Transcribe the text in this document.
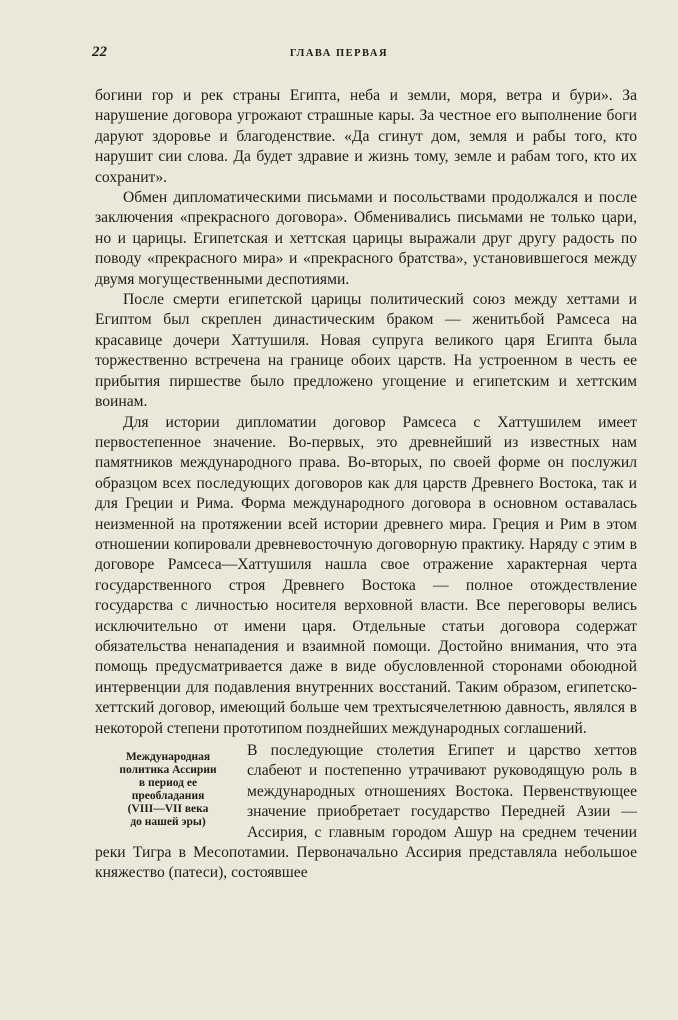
22	ГЛАВА ПЕРВАЯ

богини гор и рек страны Египта, неба и земли, моря, ветра и бури». За нарушение договора угрожают страшные кары. За честное его выполнение боги даруют здоровье и благоденствие. «Да сгинут дом, земля и рабы того, кто нарушит сии слова. Да будет здравие и жизнь тому, земле и рабам того, кто их сохранит».

Обмен дипломатическими письмами и посольствами продолжался и после заключения «прекрасного договора». Обменивались письмами не только цари, но и царицы. Египетская и хеттская царицы выражали друг другу радость по поводу «прекрасного мира» и «прекрасного братства», установившегося между двумя могущественными деспотиями.

После смерти египетской царицы политический союз между хеттами и Египтом был скреплен династическим браком — женитьбой Рамсеса на красавице дочери Хаттушиля. Новая супруга великого царя Египта была торжественно встречена на границе обоих царств. На устроенном в честь ее прибытия пиршестве было предложено угощение и египетским и хеттским воинам.

Для истории дипломатии договор Рамсеса с Хаттушилем имеет первостепенное значение. Во-первых, это древнейший из известных нам памятников международного права. Во-вторых, по своей форме он послужил образцом всех последующих договоров как для царств Древнего Востока, так и для Греции и Рима. Форма международного договора в основном оставалась неизменной на протяжении всей истории древнего мира. Греция и Рим в этом отношении копировали древневосточную договорную практику. Наряду с этим в договоре Рамсеса—Хаттушиля нашла свое отражение характерная черта государственного строя Древнего Востока — полное отождествление государства с личностью носителя верховной власти. Все переговоры велись исключительно от имени царя. Отдельные статьи договора содержат обязательства ненападения и взаимной помощи. Достойно внимания, что эта помощь предусматривается даже в виде обусловленной сторонами обоюдной интервенции для подавления внутренних восстаний. Таким образом, египетско-хеттский договор, имеющий больше чем трехтысячелетнюю давность, являлся в некоторой степени прототипом позднейших международных соглашений.

Международная
политика Ассирии
в период ее
преобладания
(VIII—VII века
до нашей эры)

В последующие столетия Египет и царство хеттов слабеют и постепенно утрачивают руководящую роль в международных отношениях Востока. Первенствующее значение приобретает государство Передней Азии — Ассирия, с главным городом Ашур на среднем течении реки Тигра в Месопотамии. Первоначально Ассирия представляла небольшое княжество (патеси), состоявшее
